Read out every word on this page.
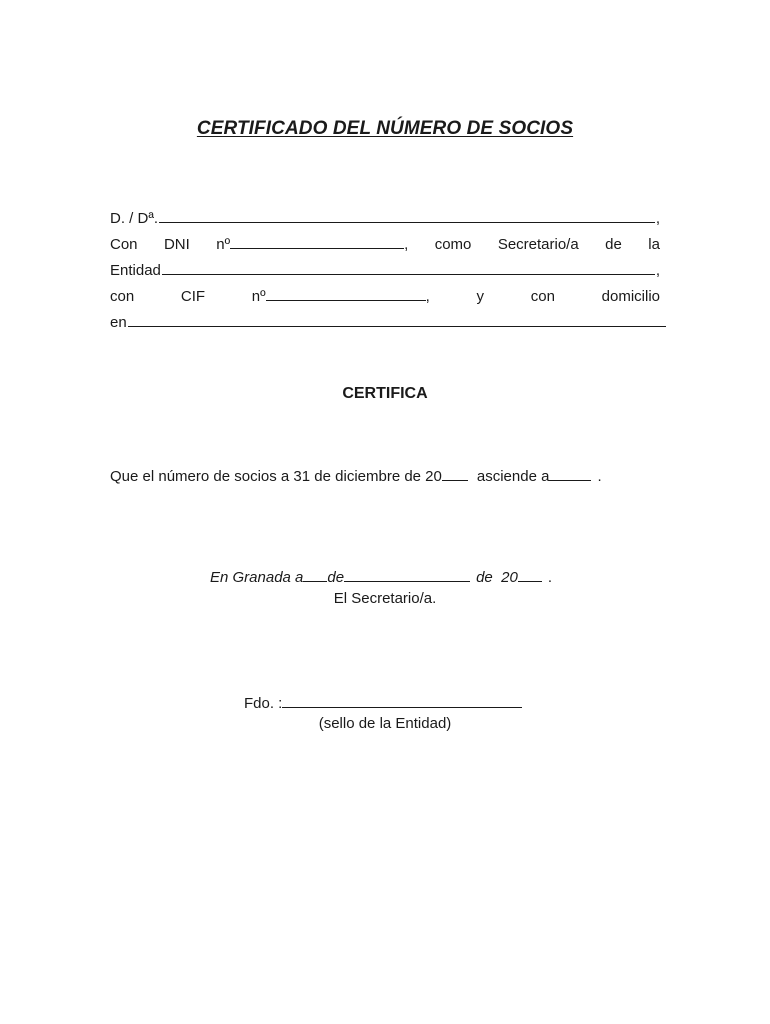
CERTIFICADO DEL NÚMERO DE SOCIOS
D. / Dª.	,
Con DNI nº	, como Secretario/a de la
Entidad	,
con	CIF	nº	,	y	con	domicilio
en
CERTIFICA
Que el número de socios a 31 de diciembre de 20 asciende a	.
En Granada a de	de  20 .
El Secretario/a.
Fdo. :
(sello de la Entidad)
